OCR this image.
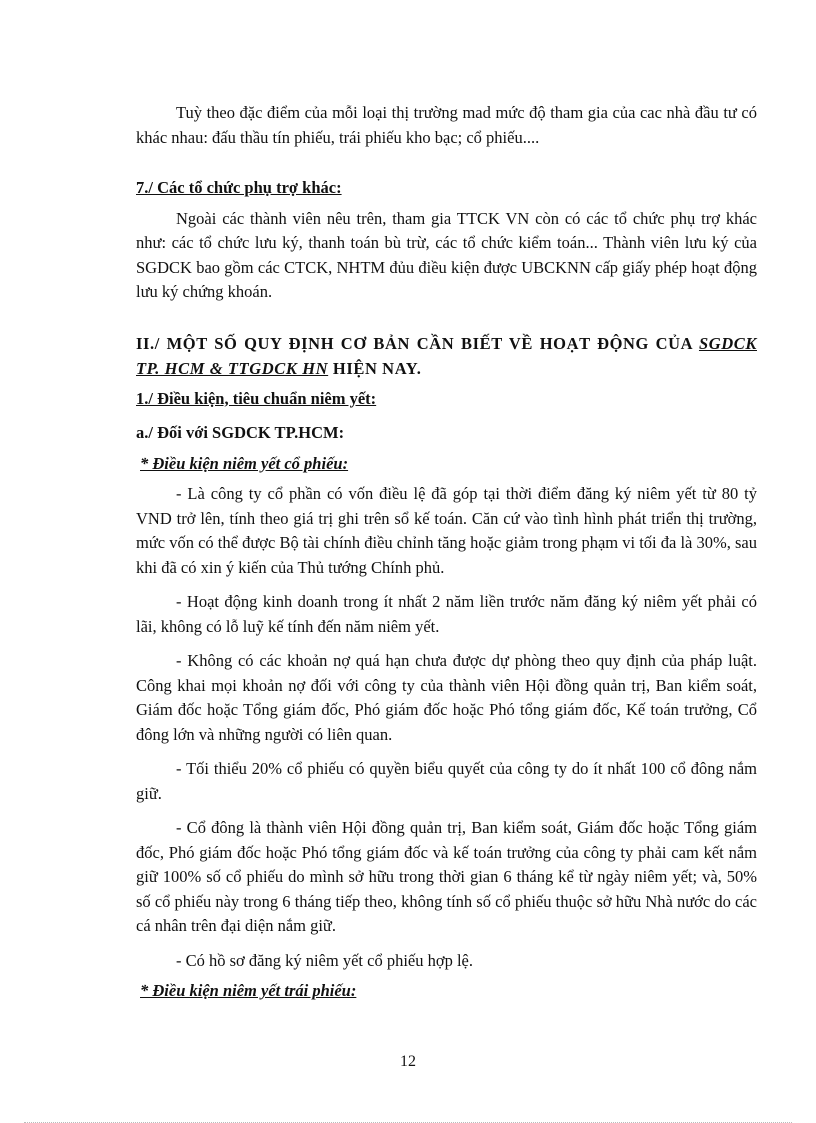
Tuỳ theo đặc điểm của mỗi loại thị trường mad mức độ tham gia của cac nhà đầu tư có khác nhau: đấu thầu tín phiếu, trái phiếu kho bạc; cổ phiếu....

7./ Các tổ chức phụ trợ khác:

Ngoài các thành viên nêu trên, tham gia TTCK VN còn có các tổ chức phụ trợ khác như: các tổ chức lưu ký, thanh toán bù trừ, các tổ chức kiểm toán... Thành viên lưu ký của SGDCK bao gồm các CTCK, NHTM đủu điều kiện được UBCKNN cấp giấy phép hoạt động lưu ký chứng khoán.

II./ MỘT SỐ QUY ĐỊNH CƠ BẢN CẦN BIẾT VỀ HOẠT ĐỘNG CỦA SGDCK TP. HCM & TTGDCK HN HIỆN NAY.

1./ Điều kiện, tiêu chuẩn niêm yết:

a./ Đối với SGDCK TP.HCM:

* Điều kiện niêm yết cổ phiếu:

- Là công ty cổ phần có vốn điều lệ đã góp tại thời điểm đăng ký niêm yết từ 80 tỷ VND trở lên, tính theo giá trị ghi trên sổ kế toán. Căn cứ vào tình hình phát triển thị trường, mức vốn có thể được Bộ tài chính điều chỉnh tăng hoặc giảm trong phạm vi tối đa là 30%, sau khi đã có xin ý kiến của Thủ tướng Chính phủ.

- Hoạt động kinh doanh trong ít nhất 2 năm liền trước năm đăng ký niêm yết phải có lãi, không có lỗ luỹ kế tính đến năm niêm yết.

- Không có các khoản nợ quá hạn chưa được dự phòng theo quy định của pháp luật. Công khai mọi khoản nợ đối với công ty của thành viên Hội đồng quản trị, Ban kiểm soát, Giám đốc hoặc Tổng giám đốc, Phó giám đốc hoặc Phó tổng giám đốc, Kế toán trưởng, Cổ đông lớn và những người có liên quan.

- Tối thiểu 20% cổ phiếu có quyền biểu quyết của công ty do ít nhất 100 cổ đông nắm giữ.

- Cổ đông là thành viên Hội đồng quản trị, Ban kiểm soát, Giám đốc hoặc Tổng giám đốc, Phó giám đốc hoặc Phó tổng giám đốc và kế toán trưởng của công ty phải cam kết nắm giữ 100% số cổ phiếu do mình sở hữu trong thời gian 6 tháng kể từ ngày niêm yết; và, 50% số cổ phiếu này trong 6 tháng tiếp theo, không tính số cổ phiếu thuộc sở hữu Nhà nước do các cá nhân trên đại diện nắm giữ.

- Có hồ sơ đăng ký niêm yết cổ phiếu hợp lệ.

* Điều kiện niêm yết trái phiếu:

12
